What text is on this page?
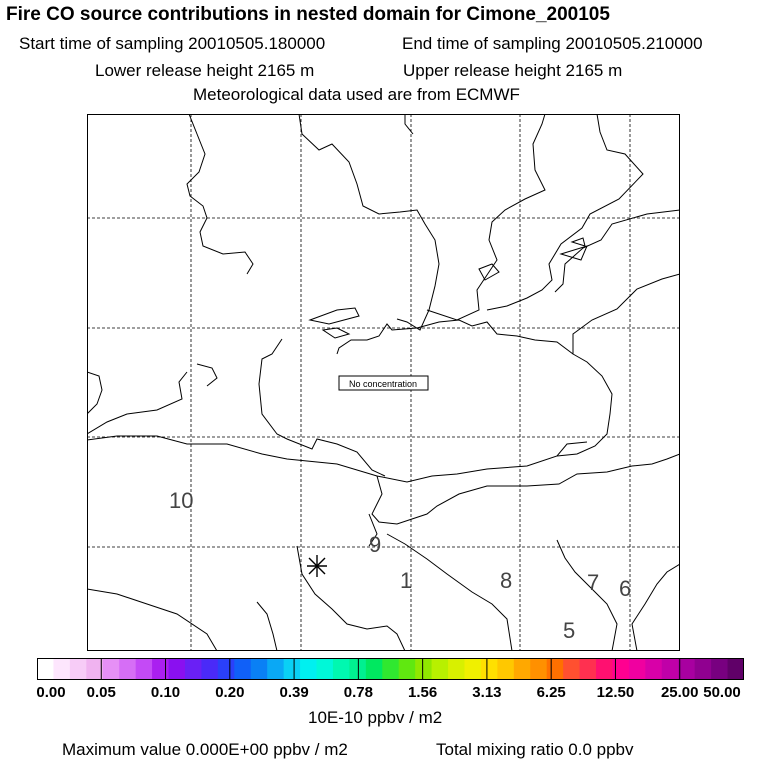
Fire CO source contributions in nested domain for Cimone_200105
Start time of sampling 20010505.180000	End time of sampling 20010505.210000
Lower release height 2165 m	Upper release height 2165 m
Meteorological data used are from ECMWF
No concentration
10
9
1	8	7 6
5
0.00 0.05 0.10 0.20 0.39 0.78 1.56 3.13 6.25 12.50 25.00 50.00
10E-10 ppbv / m2
Maximum value 0.000E+00 ppbv / m2	Total mixing ratio 0.0 ppbv
